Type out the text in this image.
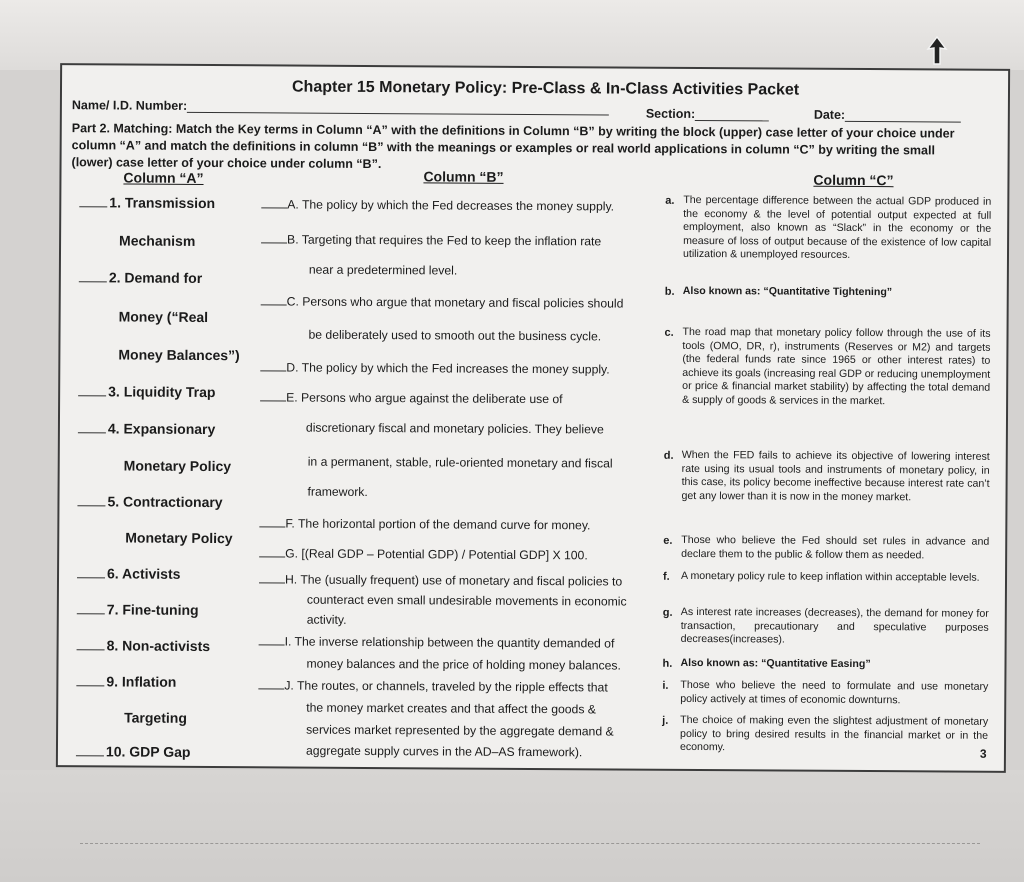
Chapter 15 Monetary Policy: Pre-Class & In-Class Activities Packet
Name/ I.D. Number:
Section:	Date:
Part 2. Matching: Match the Key terms in Column “A” with the definitions in Column “B” by writing the block (upper) case letter of your choice under
column “A” and match the definitions in column “B” with the meanings or examples or real world applications in column “C” by writing the small
(lower) case letter of your choice under column “B”.
Column “A”	Column “B”	Column “C”
1. Transmission
Mechanism
2. Demand for
Money (“Real
Money Balances”)
3. Liquidity Trap
4. Expansionary
Monetary Policy
5. Contractionary
Monetary Policy
6. Activists
7. Fine-tuning
8. Non-activists
9. Inflation
Targeting
10. GDP Gap
A. The policy by which the Fed decreases the money supply.
B. Targeting that requires the Fed to keep the inflation rate
near a predetermined level.
C. Persons who argue that monetary and fiscal policies should
be deliberately used to smooth out the business cycle.
D. The policy by which the Fed increases the money supply.
E. Persons who argue against the deliberate use of
discretionary fiscal and monetary policies. They believe
in a permanent, stable, rule-oriented monetary and fiscal
framework.
F. The horizontal portion of the demand curve for money.
G. [(Real GDP – Potential GDP) / Potential GDP] X 100.
H. The (usually frequent) use of monetary and fiscal policies to
counteract even small undesirable movements in economic
activity.
I. The inverse relationship between the quantity demanded of
money balances and the price of holding money balances.
J. The routes, or channels, traveled by the ripple effects that
the money market creates and that affect the goods &
services market represented by the aggregate demand &
aggregate supply curves in the AD–AS framework).
a. The percentage difference between the actual GDP produced in the economy & the level of potential output expected at full employment, also known as “Slack” in the economy or the measure of loss of output because of the existence of low capital utilization & unemployed resources.
b. Also known as: “Quantitative Tightening”
c. The road map that monetary policy follow through the use of its tools (OMO, DR, r), instruments (Reserves or M2) and targets (the federal funds rate since 1965 or other interest rates) to achieve its goals (increasing real GDP or reducing unemployment or price & financial market stability) by affecting the total demand & supply of goods & services in the market.
d. When the FED fails to achieve its objective of lowering interest rate using its usual tools and instruments of monetary policy, in this case, its policy become ineffective because interest rate can’t get any lower than it is now in the money market.
e. Those who believe the Fed should set rules in advance and declare them to the public & follow them as needed.
f. A monetary policy rule to keep inflation within acceptable levels.
g. As interest rate increases (decreases), the demand for money for transaction, precautionary and speculative purposes decreases(increases).
h. Also known as: “Quantitative Easing”
i. Those who believe the need to formulate and use monetary policy actively at times of economic downturns.
j. The choice of making even the slightest adjustment of monetary policy to bring desired results in the financial market or in the economy.	3
